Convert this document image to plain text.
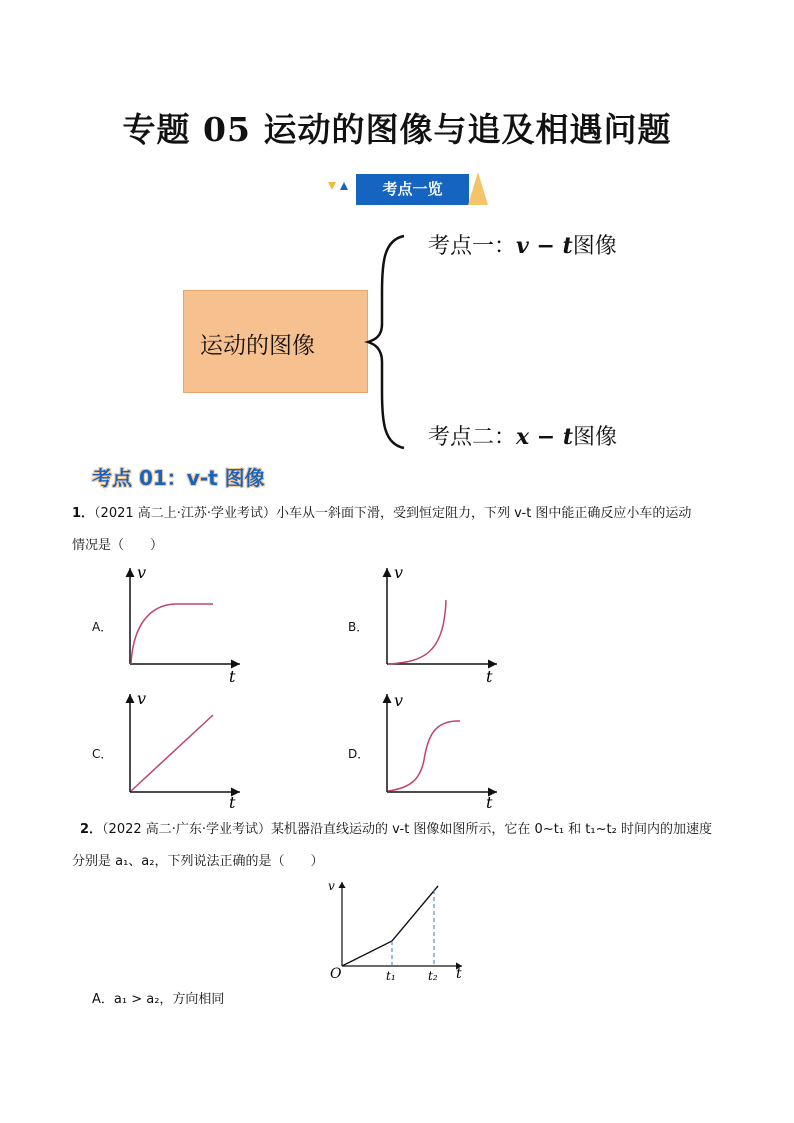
专题 05 运动的图像与追及相遇问题
考点一览
运动的图像
考点一：v − t图像
考点二：x − t图像
考点 01：v-t 图像
1．（2021 高二上·江苏·学业考试）小车从一斜面下滑，受到恒定阻力，下列 v-t 图中能正确反应小车的运动
情况是（　　）
A．	B．
C．	D．
v
t
v
t
v
t
v
t
2．（2022 高二·广东·学业考试）某机器沿直线运动的 v-t 图像如图所示，它在 0~t₁ 和 t₁~t₂ 时间内的加速度
分别是 a₁、a₂，下列说法正确的是（　　）
v
O	t₁	t₂ t
A．a₁ > a₂，方向相同
